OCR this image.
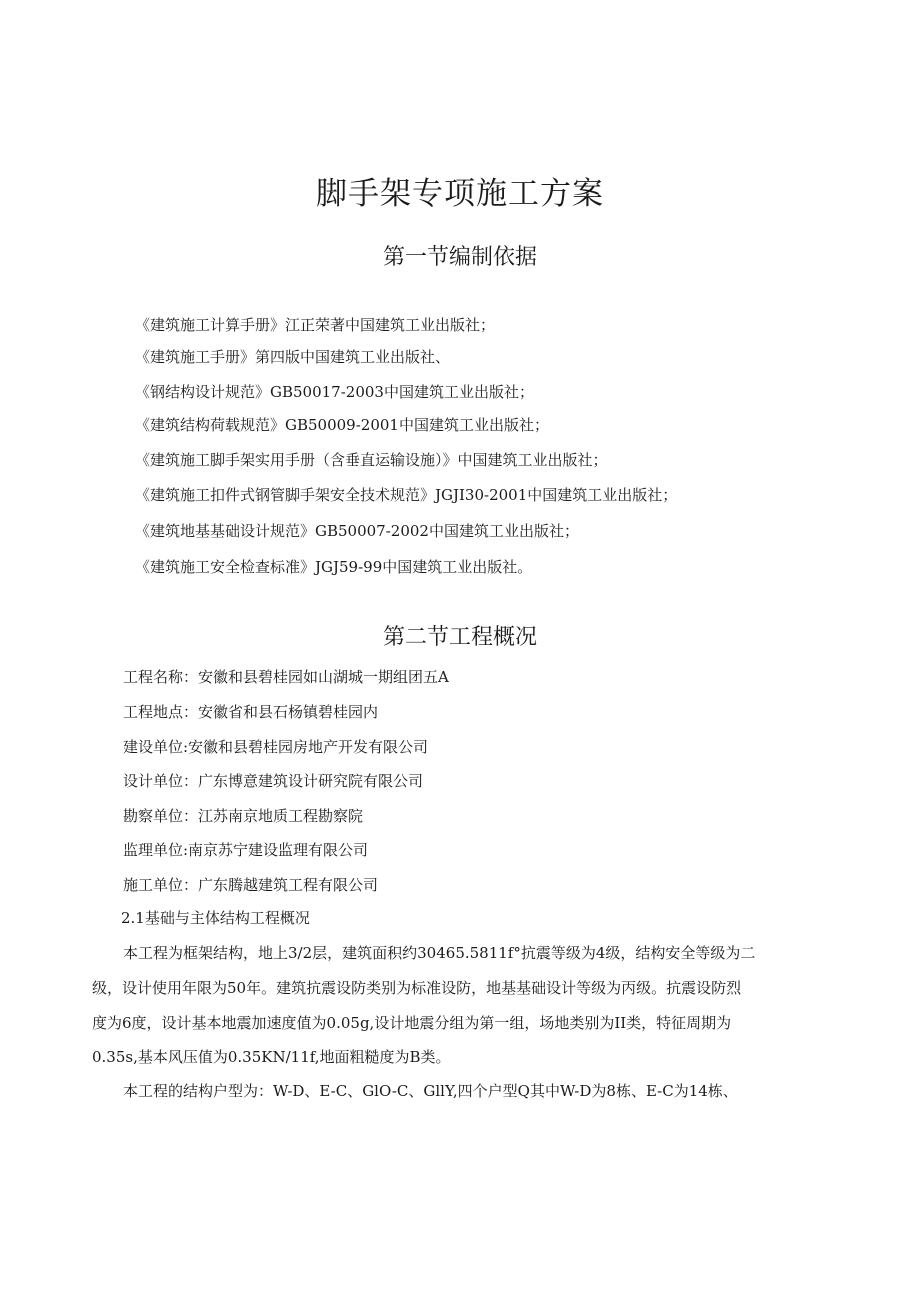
脚手架专项施工方案
第一节编制依据
《建筑施工计算手册》江正荣著中国建筑工业出版社；
《建筑施工手册》第四版中国建筑工业出版社、
《钢结构设计规范》GB50017-2003中国建筑工业出版社；
《建筑结构荷载规范》GB50009-2001中国建筑工业出版社；
《建筑施工脚手架实用手册（含垂直运输设施）》中国建筑工业出版社；
《建筑施工扣件式钢管脚手架安全技术规范》JGJI30-2001中国建筑工业出版社；
《建筑地基基础设计规范》GB50007-2002中国建筑工业出版社；
《建筑施工安全检查标准》JGJ59-99中国建筑工业出版社。
第二节工程概况
工程名称：安徽和县碧桂园如山湖城一期组团五A
工程地点：安徽省和县石杨镇碧桂园内
建设单位:安徽和县碧桂园房地产开发有限公司
设计单位：广东博意建筑设计研究院有限公司
勘察单位：江苏南京地质工程勘察院
监理单位:南京苏宁建设监理有限公司
施工单位：广东腾越建筑工程有限公司
2.1基础与主体结构工程概况
本工程为框架结构，地上3/2层，建筑面积约30465.5811f°抗震等级为4级，结构安全等级为二
级，设计使用年限为50年。建筑抗震设防类别为标准设防，地基基础设计等级为丙级。抗震设防烈
度为6度，设计基本地震加速度值为0.05g,设计地震分组为第一组，场地类别为II类，特征周期为
0.35s,基本风压值为0.35KN/11f,地面粗糙度为B类。
本工程的结构户型为：W-D、E-C、GlO-C、GllY,四个户型Q其中W-D为8栋、E-C为14栋、
